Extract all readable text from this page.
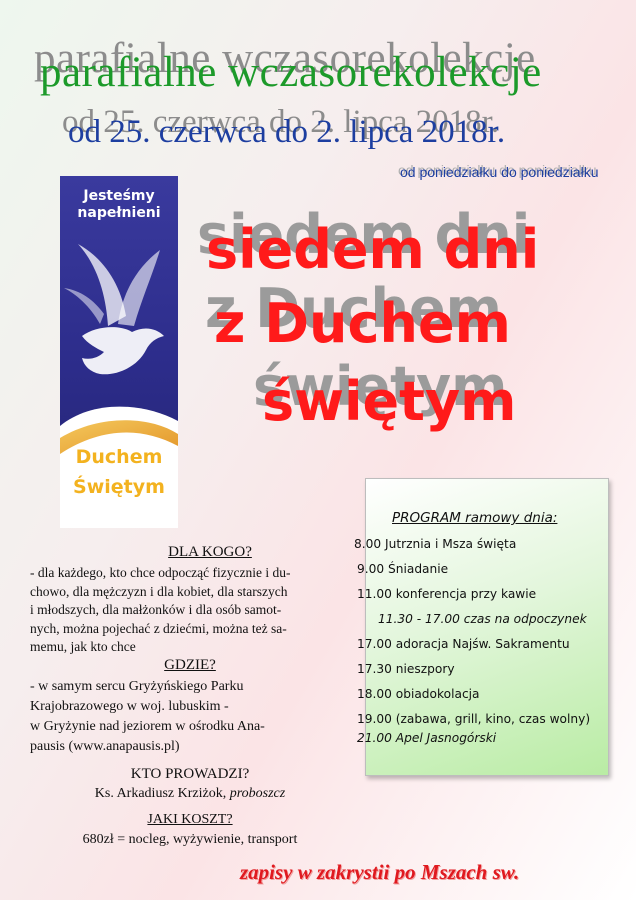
parafialne wczasorekolekcje
od 25. czerwca do 2. lipca 2018r.
od poniedziałku do poniedziałku
Jesteśmy
napełnieni
Duchem
Świętym
siedem dni
z Duchem
świętym
PROGRAM ramowy dnia:
8.00 Jutrznia i Msza święta
9.00 Śniadanie
11.00 konferencja przy kawie
11.30 - 17.00 czas na odpoczynek
17.00 adoracja Najśw. Sakramentu
17.30 nieszpory
18.00 obiadokolacja
19.00 (zabawa, grill, kino, czas wolny)
21.00 Apel Jasnogórski
DLA KOGO?
- dla każdego, kto chce odpocząć fizycznie i du-
chowo, dla mężczyzn i dla kobiet, dla starszych
i młodszych, dla małżonków i dla osób samot-
nych, można pojechać z dziećmi, można też sa-
memu, jak kto chce
GDZIE?
- w samym sercu Gryżyńskiego Parku
Krajobrazowego w woj. lubuskim -
w Gryżynie nad jeziorem w ośrodku Ana-
pausis (www.anapausis.pl)
KTO PROWADZI?
Ks. Arkadiusz Krziżok, proboszcz
JAKI KOSZT?
680zł = nocleg, wyżywienie, transport
zapisy w zakrystii po Mszach sw.
